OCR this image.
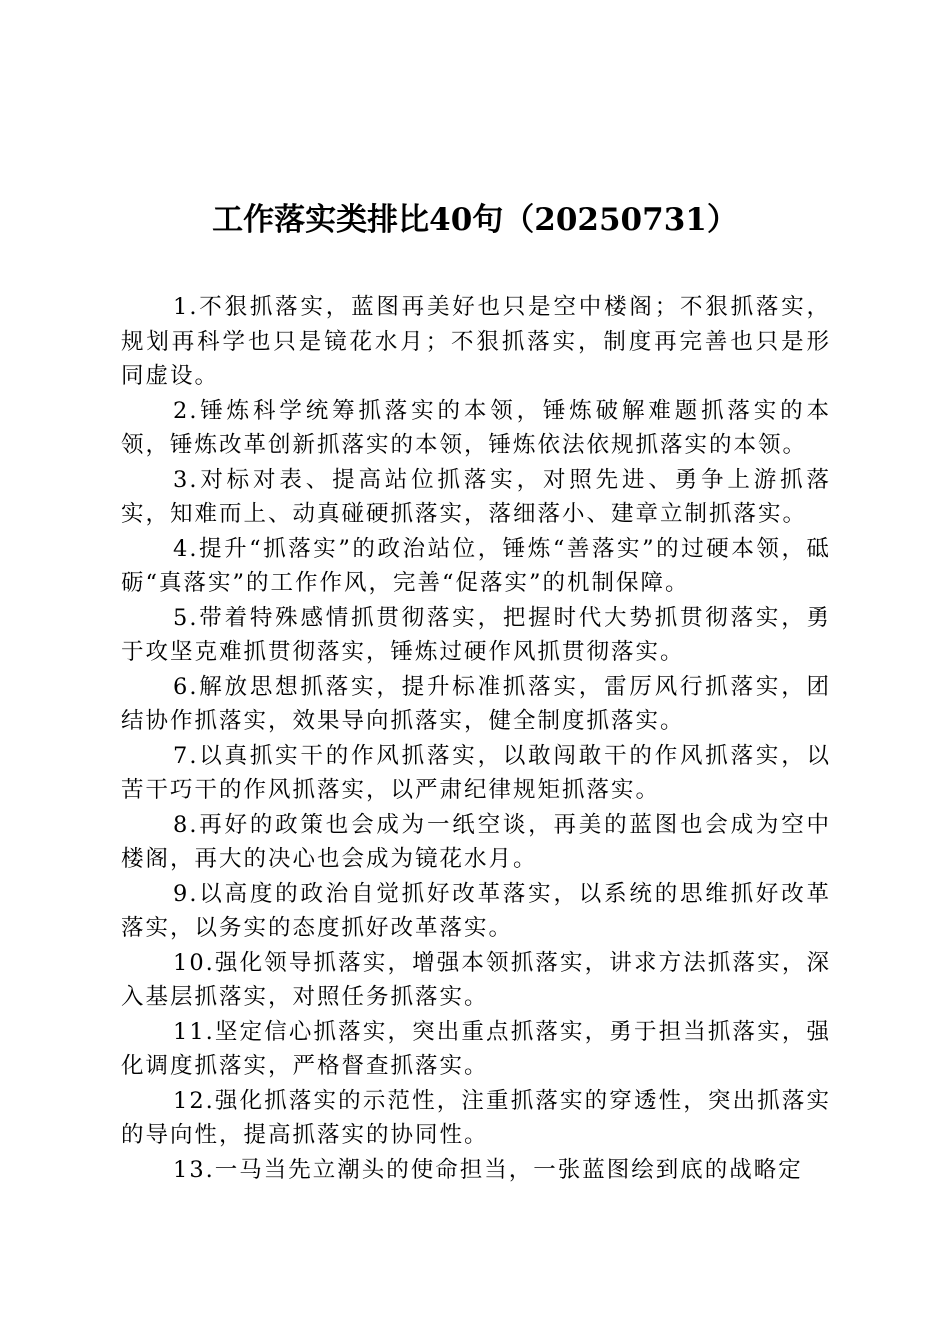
工作落实类排比40句（20250731）

1.不狠抓落实，蓝图再美好也只是空中楼阁；不狠抓落实，规划再科学也只是镜花水月；不狠抓落实，制度再完善也只是形同虚设。

2.锤炼科学统筹抓落实的本领，锤炼破解难题抓落实的本领，锤炼改革创新抓落实的本领，锤炼依法依规抓落实的本领。

3.对标对表、提高站位抓落实，对照先进、勇争上游抓落实，知难而上、动真碰硬抓落实，落细落小、建章立制抓落实。

4.提升“抓落实”的政治站位，锤炼“善落实”的过硬本领，砥砺“真落实”的工作作风，完善“促落实”的机制保障。

5.带着特殊感情抓贯彻落实，把握时代大势抓贯彻落实，勇于攻坚克难抓贯彻落实，锤炼过硬作风抓贯彻落实。

6.解放思想抓落实，提升标准抓落实，雷厉风行抓落实，团结协作抓落实，效果导向抓落实，健全制度抓落实。

7.以真抓实干的作风抓落实，以敢闯敢干的作风抓落实，以苦干巧干的作风抓落实，以严肃纪律规矩抓落实。

8.再好的政策也会成为一纸空谈，再美的蓝图也会成为空中楼阁，再大的决心也会成为镜花水月。

9.以高度的政治自觉抓好改革落实，以系统的思维抓好改革落实，以务实的态度抓好改革落实。

10.强化领导抓落实，增强本领抓落实，讲求方法抓落实，深入基层抓落实，对照任务抓落实。

11.坚定信心抓落实，突出重点抓落实，勇于担当抓落实，强化调度抓落实，严格督查抓落实。

12.强化抓落实的示范性，注重抓落实的穿透性，突出抓落实的导向性，提高抓落实的协同性。

13.一马当先立潮头的使命担当，一张蓝图绘到底的战略定
